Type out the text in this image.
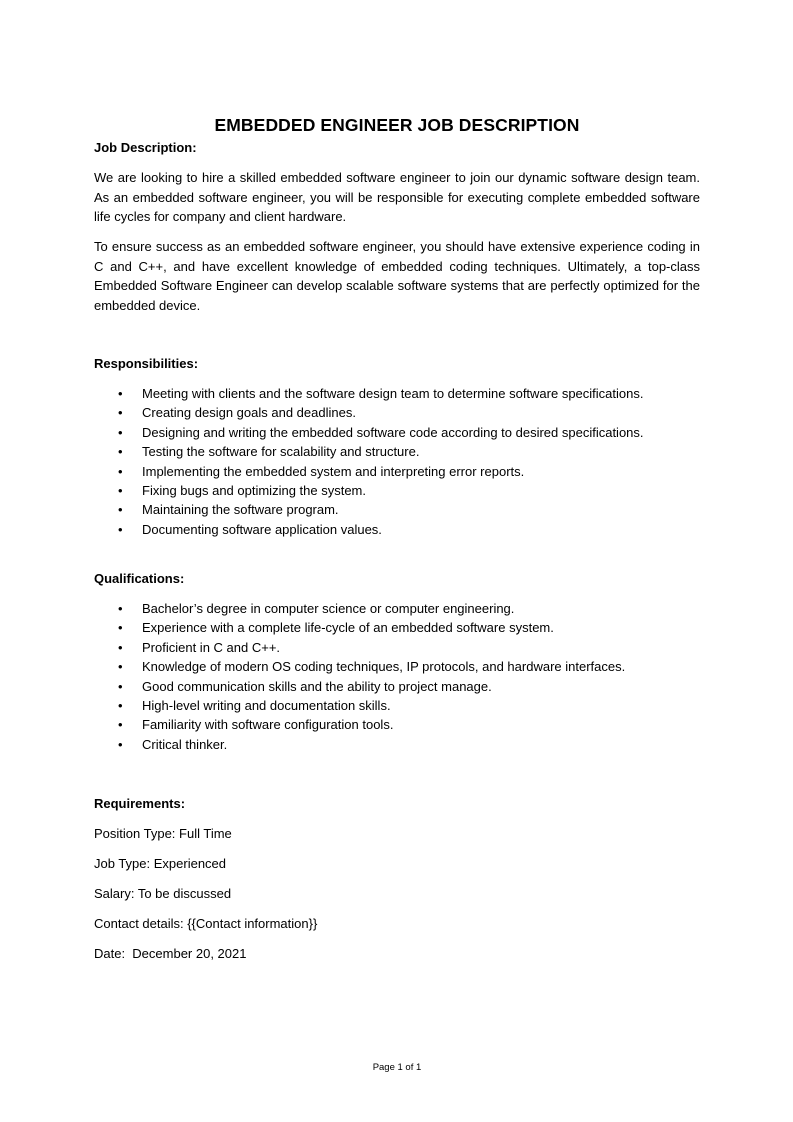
EMBEDDED ENGINEER JOB DESCRIPTION
Job Description:
We are looking to hire a skilled embedded software engineer to join our dynamic software design team. As an embedded software engineer, you will be responsible for executing complete embedded software life cycles for company and client hardware.
To ensure success as an embedded software engineer, you should have extensive experience coding in C and C++, and have excellent knowledge of embedded coding techniques. Ultimately, a top-class Embedded Software Engineer can develop scalable software systems that are perfectly optimized for the embedded device.
Responsibilities:
• Meeting with clients and the software design team to determine software specifications.
• Creating design goals and deadlines.
• Designing and writing the embedded software code according to desired specifications.
• Testing the software for scalability and structure.
• Implementing the embedded system and interpreting error reports.
• Fixing bugs and optimizing the system.
• Maintaining the software program.
• Documenting software application values.
Qualifications:
• Bachelor’s degree in computer science or computer engineering.
• Experience with a complete life-cycle of an embedded software system.
• Proficient in C and C++.
• Knowledge of modern OS coding techniques, IP protocols, and hardware interfaces.
• Good communication skills and the ability to project manage.
• High-level writing and documentation skills.
• Familiarity with software configuration tools.
• Critical thinker.
Requirements:
Position Type: Full Time
Job Type: Experienced
Salary: To be discussed
Contact details: {{Contact information}}
Date:  December 20, 2021
Page 1 of 1
